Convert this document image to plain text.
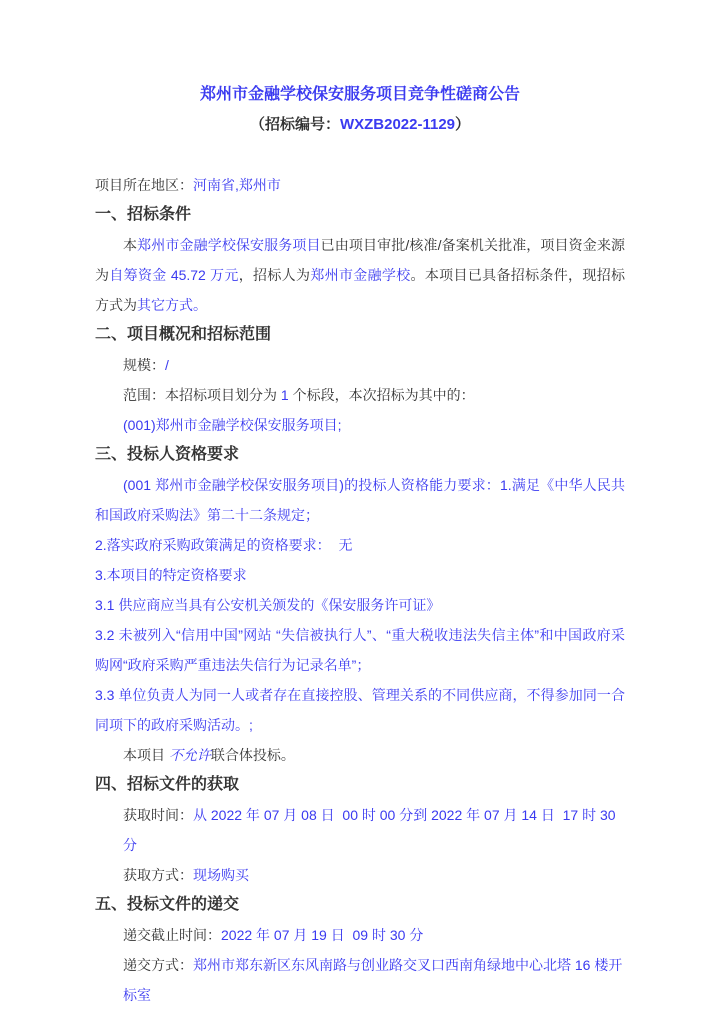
郑州市金融学校保安服务项目竞争性磋商公告

（招标编号：WXZB2022-1129）

项目所在地区：河南省,郑州市

一、招标条件

本郑州市金融学校保安服务项目已由项目审批/核准/备案机关批准，项目资金来源为自筹资金 45.72 万元，招标人为郑州市金融学校。本项目已具备招标条件，现招标方式为其它方式。

二、项目概况和招标范围

规模：/

范围：本招标项目划分为 1 个标段，本次招标为其中的：

(001)郑州市金融学校保安服务项目;

三、投标人资格要求

(001 郑州市金融学校保安服务项目)的投标人资格能力要求：1.满足《中华人民共和国政府采购法》第二十二条规定；

2.落实政府采购政策满足的资格要求：  无

3.本项目的特定资格要求

3.1 供应商应当具有公安机关颁发的《保安服务许可证》

3.2 未被列入“信用中国”网站 “失信被执行人”、“重大税收违法失信主体”和中国政府采购网“政府采购严重违法失信行为记录名单”；

3.3 单位负责人为同一人或者存在直接控股、管理关系的不同供应商，不得参加同一合同项下的政府采购活动。;

本项目 不允许联合体投标。

四、招标文件的获取

获取时间：从 2022 年 07 月 08 日  00 时 00 分到 2022 年 07 月 14 日  17 时 30 分

获取方式：现场购买

五、投标文件的递交

递交截止时间：2022 年 07 月 19 日  09 时 30 分

递交方式：郑州市郑东新区东风南路与创业路交叉口西南角绿地中心北塔 16 楼开标室
